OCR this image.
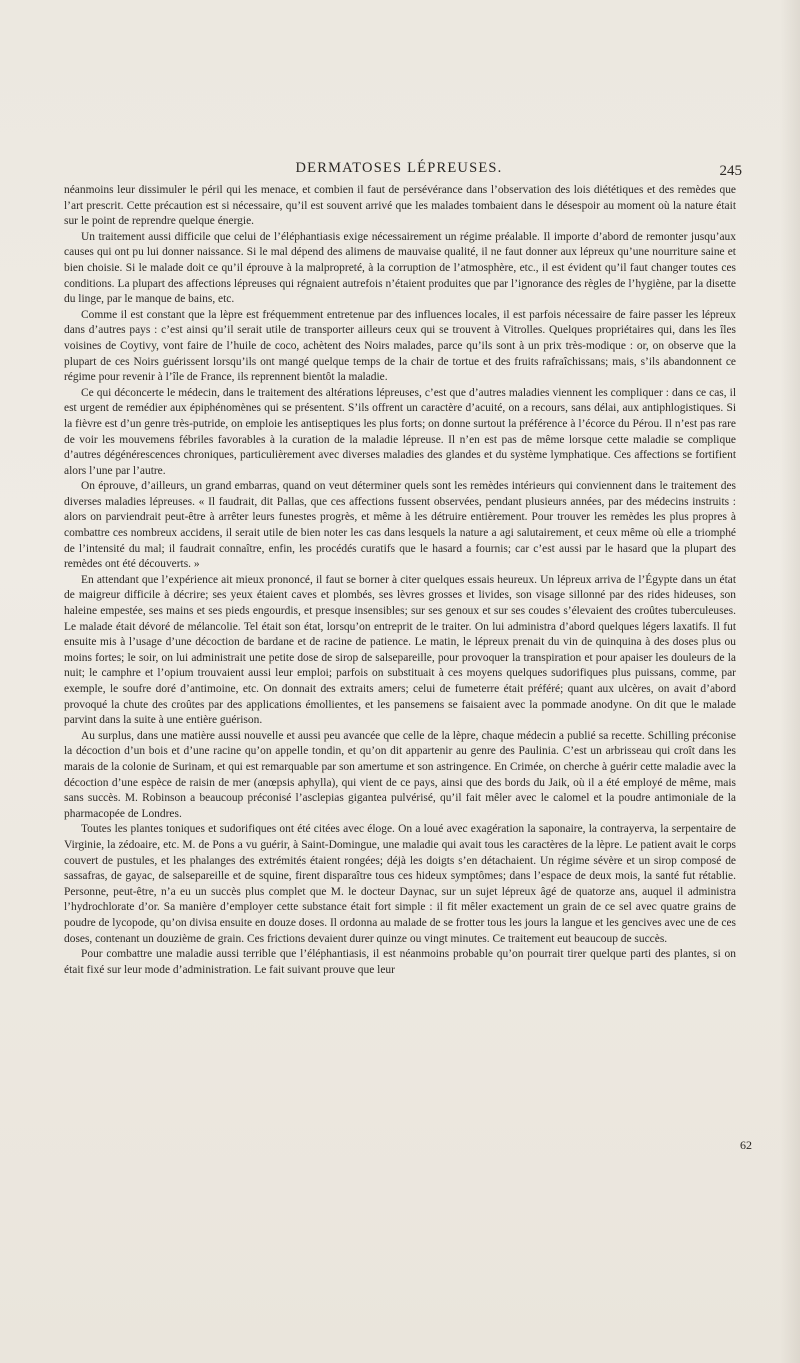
DERMATOSES LÉPREUSES.	245

néanmoins leur dissimuler le péril qui les menace, et combien il faut de persévérance dans l’observation des lois diététiques et des remèdes que l’art prescrit. Cette précaution est si nécessaire, qu’il est souvent arrivé que les malades tombaient dans le désespoir au moment où la nature était sur le point de reprendre quelque énergie.

Un traitement aussi difficile que celui de l’éléphantiasis exige nécessairement un régime préalable. Il importe d’abord de remonter jusqu’aux causes qui ont pu lui donner naissance. Si le mal dépend des alimens de mauvaise qualité, il ne faut donner aux lépreux qu’une nourriture saine et bien choisie. Si le malade doit ce qu’il éprouve à la malpropreté, à la corruption de l’atmosphère, etc., il est évident qu’il faut changer toutes ces conditions. La plupart des affections lépreuses qui régnaient autrefois n’étaient produites que par l’ignorance des règles de l’hygiène, par la disette du linge, par le manque de bains, etc.

Comme il est constant que la lèpre est fréquemment entretenue par des influences locales, il est parfois nécessaire de faire passer les lépreux dans d’autres pays : c’est ainsi qu’il serait utile de transporter ailleurs ceux qui se trouvent à Vitrolles. Quelques propriétaires qui, dans les îles voisines de Coytivy, vont faire de l’huile de coco, achètent des Noirs malades, parce qu’ils sont à un prix très-modique : or, on observe que la plupart de ces Noirs guérissent lorsqu’ils ont mangé quelque temps de la chair de tortue et des fruits rafraîchissans; mais, s’ils abandonnent ce régime pour revenir à l’île de France, ils reprennent bientôt la maladie.

Ce qui déconcerte le médecin, dans le traitement des altérations lépreuses, c’est que d’autres maladies viennent les compliquer : dans ce cas, il est urgent de remédier aux épiphénomènes qui se présentent. S’ils offrent un caractère d’acuité, on a recours, sans délai, aux antiphlogistiques. Si la fièvre est d’un genre très-putride, on emploie les antiseptiques les plus forts; on donne surtout la préférence à l’écorce du Pérou. Il n’est pas rare de voir les mouvemens fébriles favorables à la curation de la maladie lépreuse. Il n’en est pas de même lorsque cette maladie se complique d’autres dégénérescences chroniques, particulièrement avec diverses maladies des glandes et du système lymphatique. Ces affections se fortifient alors l’une par l’autre.

On éprouve, d’ailleurs, un grand embarras, quand on veut déterminer quels sont les remèdes intérieurs qui conviennent dans le traitement des diverses maladies lépreuses. « Il faudrait, dit Pallas, que ces affections fussent observées, pendant plusieurs années, par des médecins instruits : alors on parviendrait peut-être à arrêter leurs funestes progrès, et même à les détruire entièrement. Pour trouver les remèdes les plus propres à combattre ces nombreux accidens, il serait utile de bien noter les cas dans lesquels la nature a agi salutairement, et ceux même où elle a triomphé de l’intensité du mal; il faudrait connaître, enfin, les procédés curatifs que le hasard a fournis; car c’est aussi par le hasard que la plupart des remèdes ont été découverts. »

En attendant que l’expérience ait mieux prononcé, il faut se borner à citer quelques essais heureux. Un lépreux arriva de l’Égypte dans un état de maigreur difficile à décrire; ses yeux étaient caves et plombés, ses lèvres grosses et livides, son visage sillonné par des rides hideuses, son haleine empestée, ses mains et ses pieds engourdis, et presque insensibles; sur ses genoux et sur ses coudes s’élevaient des croûtes tuberculeuses. Le malade était dévoré de mélancolie. Tel était son état, lorsqu’on entreprit de le traiter. On lui administra d’abord quelques légers laxatifs. Il fut ensuite mis à l’usage d’une décoction de bardane et de racine de patience. Le matin, le lépreux prenait du vin de quinquina à des doses plus ou moins fortes; le soir, on lui administrait une petite dose de sirop de salsepareille, pour provoquer la transpiration et pour apaiser les douleurs de la nuit; le camphre et l’opium trouvaient aussi leur emploi; parfois on substituait à ces moyens quelques sudorifiques plus puissans, comme, par exemple, le soufre doré d’antimoine, etc. On donnait des extraits amers; celui de fumeterre était préféré; quant aux ulcères, on avait d’abord provoqué la chute des croûtes par des applications émollientes, et les pansemens se faisaient avec la pommade anodyne. On dit que le malade parvint dans la suite à une entière guérison.

Au surplus, dans une matière aussi nouvelle et aussi peu avancée que celle de la lèpre, chaque médecin a publié sa recette. Schilling préconise la décoction d’un bois et d’une racine qu’on appelle tondin, et qu’on dit appartenir au genre des Paulinia. C’est un arbrisseau qui croît dans les marais de la colonie de Surinam, et qui est remarquable par son amertume et son astringence. En Crimée, on cherche à guérir cette maladie avec la décoction d’une espèce de raisin de mer (anœpsis aphylla), qui vient de ce pays, ainsi que des bords du Jaik, où il a été employé de même, mais sans succès. M. Robinson a beaucoup préconisé l’asclepias gigantea pulvérisé, qu’il fait mêler avec le calomel et la poudre antimoniale de la pharmacopée de Londres.

Toutes les plantes toniques et sudorifiques ont été citées avec éloge. On a loué avec exagération la saponaire, la contrayerva, la serpentaire de Virginie, la zédoaire, etc. M. de Pons a vu guérir, à Saint-Domingue, une maladie qui avait tous les caractères de la lèpre. Le patient avait le corps couvert de pustules, et les phalanges des extrémités étaient rongées; déjà les doigts s’en détachaient. Un régime sévère et un sirop composé de sassafras, de gayac, de salsepareille et de squine, firent disparaître tous ces hideux symptômes; dans l’espace de deux mois, la santé fut rétablie. Personne, peut-être, n’a eu un succès plus complet que M. le docteur Daynac, sur un sujet lépreux âgé de quatorze ans, auquel il administra l’hydrochlorate d’or. Sa manière d’employer cette substance était fort simple : il fit mêler exactement un grain de ce sel avec quatre grains de poudre de lycopode, qu’on divisa ensuite en douze doses. Il ordonna au malade de se frotter tous les jours la langue et les gencives avec une de ces doses, contenant un douzième de grain. Ces frictions devaient durer quinze ou vingt minutes. Ce traitement eut beaucoup de succès.

Pour combattre une maladie aussi terrible que l’éléphantiasis, il est néanmoins probable qu’on pourrait tirer quelque parti des plantes, si on était fixé sur leur mode d’administration. Le fait suivant prouve que leur

62
